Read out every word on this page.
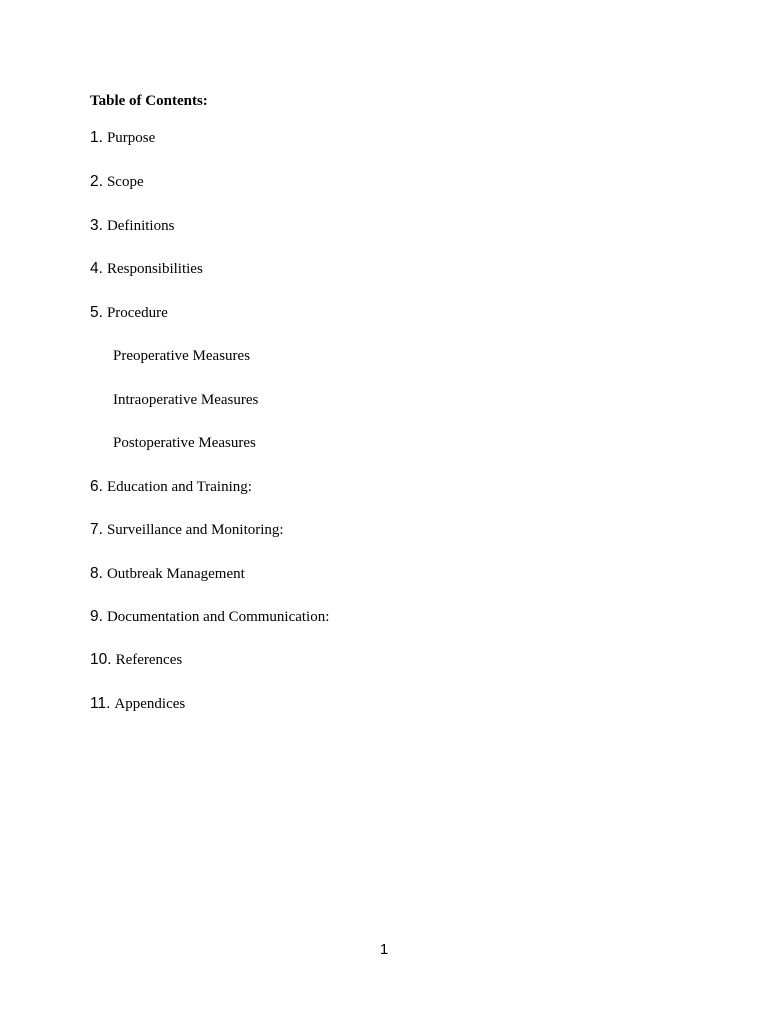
Table of Contents:
1. Purpose
2. Scope
3. Definitions
4. Responsibilities
5. Procedure
Preoperative Measures
Intraoperative Measures
Postoperative Measures
6. Education and Training:
7. Surveillance and Monitoring:
8. Outbreak Management
9. Documentation and Communication:
10. References
11. Appendices
1
